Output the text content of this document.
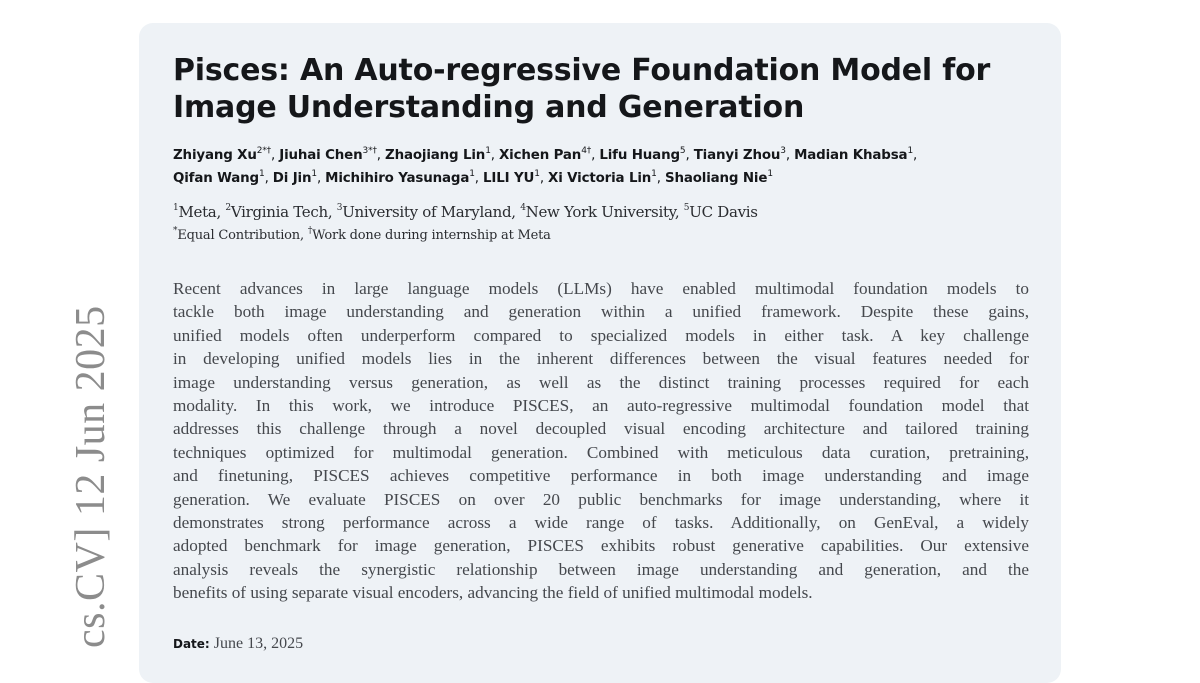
cs.CV] 12 Jun 2025
Pisces: An Auto-regressive Foundation Model for
Image Understanding and Generation

Zhiyang $Xu^{2*\dagger}$, Jiuhai Chen$^{3*\dagger}$, Zhaojiang Lin$^1$, Xichen Pan$^{4\dagger}$, Lifu Huang$^5$, Tianyi Zhou$^3$, Madian Khabsa$^1$,
Qifan Wang$^1$, Di Jin$^1$, Michihiro Yasunaga$^1$, LILI $YU^1$, Xi Victoria Lin$^1$, Shaoliang Nie$^1$

$^1$Meta, $^2$Virginia Tech, $^3$University of Maryland, $^4$New York University, $^5$UC Davis

*Equal Contribution, †Work done during internship at Meta

Recent advances in large language models (LLMs) have enabled multimodal foundation models to
tackle both image understanding and generation within a unified framework. Despite these gains,
unified models often underperform compared to specialized models in either task. A key challenge
in developing unified models lies in the inherent differences between the visual features needed for
image understanding versus generation, as well as the distinct training processes required for each
modality. In this work, we introduce PISCES, an auto-regressive multimodal foundation model that
addresses this challenge through a novel decoupled visual encoding architecture and tailored training
techniques optimized for multimodal generation. Combined with meticulous data curation, pretraining,
and finetuning, PISCES achieves competitive performance in both image understanding and image
generation. We evaluate PISCES on over 20 public benchmarks for image understanding, where it
demonstrates strong performance across a wide range of tasks. Additionally, on GenEval, a widely
adopted benchmark for image generation, PISCES exhibits robust generative capabilities. Our extensive
analysis reveals the synergistic relationship between image understanding and generation, and the
benefits of using separate visual encoders, advancing the field of unified multimodal models.

Date: June 13, 2025
